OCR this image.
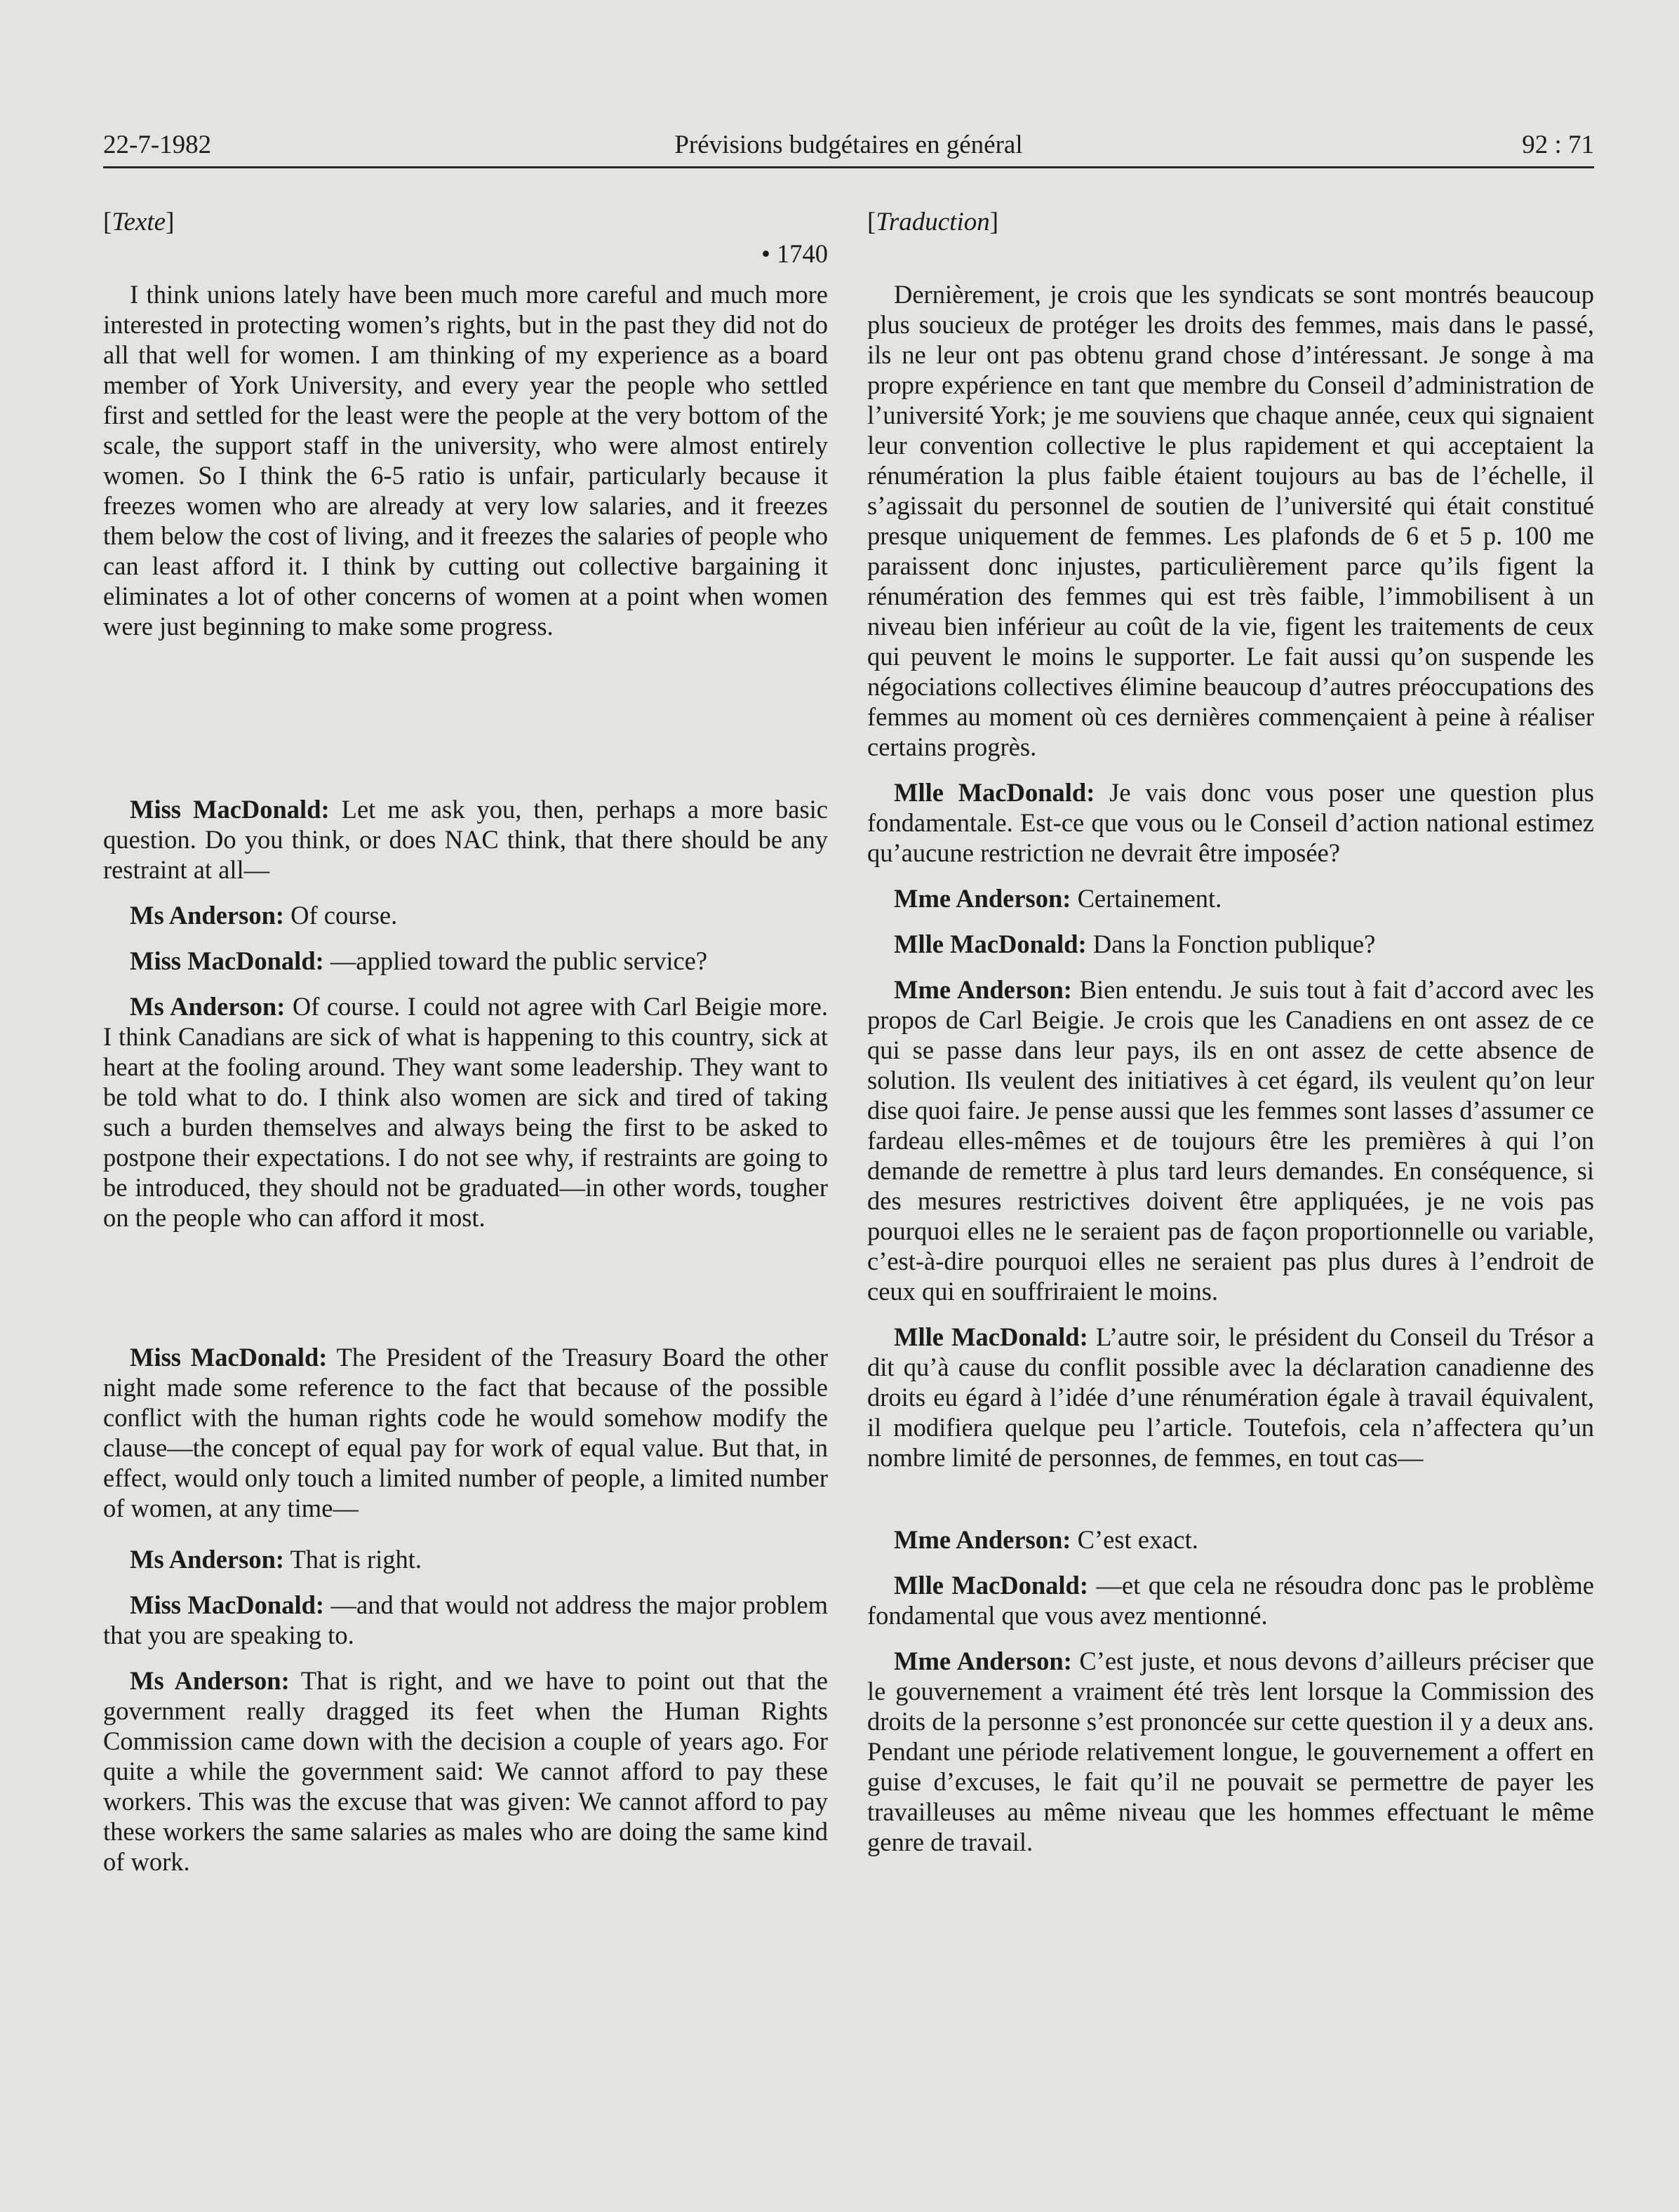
22-7-1982	Prévisions budgétaires en général	92 : 71
[Texte]

• 1740

I think unions lately have been much more careful and much more interested in protecting women’s rights, but in the past they did not do all that well for women. I am thinking of my experience as a board member of York University, and every year the people who settled first and settled for the least were the people at the very bottom of the scale, the support staff in the university, who were almost entirely women. So I think the 6-5 ratio is unfair, particularly because it freezes women who are already at very low salaries, and it freezes them below the cost of living, and it freezes the salaries of people who can least afford it. I think by cutting out collective bargaining it eliminates a lot of other concerns of women at a point when women were just beginning to make some progress.

Miss MacDonald: Let me ask you, then, perhaps a more basic question. Do you think, or does NAC think, that there should be any restraint at all—

Ms Anderson: Of course.

Miss MacDonald: —applied toward the public service?

Ms Anderson: Of course. I could not agree with Carl Beigie more. I think Canadians are sick of what is happening to this country, sick at heart at the fooling around. They want some leadership. They want to be told what to do. I think also women are sick and tired of taking such a burden themselves and always being the first to be asked to postpone their expectations. I do not see why, if restraints are going to be introduced, they should not be graduated—in other words, tougher on the people who can afford it most.

Miss MacDonald: The President of the Treasury Board the other night made some reference to the fact that because of the possible conflict with the human rights code he would somehow modify the clause—the concept of equal pay for work of equal value. But that, in effect, would only touch a limited number of people, a limited number of women, at any time—

Ms Anderson: That is right.

Miss MacDonald: —and that would not address the major problem that you are speaking to.

Ms Anderson: That is right, and we have to point out that the government really dragged its feet when the Human Rights Commission came down with the decision a couple of years ago. For quite a while the government said: We cannot afford to pay these workers. This was the excuse that was given: We cannot afford to pay these workers the same salaries as males who are doing the same kind of work.

[Traduction]

Dernièrement, je crois que les syndicats se sont montrés beaucoup plus soucieux de protéger les droits des femmes, mais dans le passé, ils ne leur ont pas obtenu grand chose d’intéressant. Je songe à ma propre expérience en tant que membre du Conseil d’administration de l’université York; je me souviens que chaque année, ceux qui signaient leur convention collective le plus rapidement et qui acceptaient la rénumération la plus faible étaient toujours au bas de l’échelle, il s’agissait du personnel de soutien de l’université qui était constitué presque uniquement de femmes. Les plafonds de 6 et 5 p. 100 me paraissent donc injustes, particulièrement parce qu’ils figent la rénumération des femmes qui est très faible, l’immobilisent à un niveau bien inférieur au coût de la vie, figent les traitements de ceux qui peuvent le moins le supporter. Le fait aussi qu’on suspende les négociations collectives élimine beaucoup d’autres préoccupations des femmes au moment où ces dernières commençaient à peine à réaliser certains progrès.

Mlle MacDonald: Je vais donc vous poser une question plus fondamentale. Est-ce que vous ou le Conseil d’action national estimez qu’aucune restriction ne devrait être imposée?

Mme Anderson: Certainement.

Mlle MacDonald: Dans la Fonction publique?

Mme Anderson: Bien entendu. Je suis tout à fait d’accord avec les propos de Carl Beigie. Je crois que les Canadiens en ont assez de ce qui se passe dans leur pays, ils en ont assez de cette absence de solution. Ils veulent des initiatives à cet égard, ils veulent qu’on leur dise quoi faire. Je pense aussi que les femmes sont lasses d’assumer ce fardeau elles-mêmes et de toujours être les premières à qui l’on demande de remettre à plus tard leurs demandes. En conséquence, si des mesures restrictives doivent être appliquées, je ne vois pas pourquoi elles ne le seraient pas de façon proportionnelle ou variable, c’est-à-dire pourquoi elles ne seraient pas plus dures à l’endroit de ceux qui en souffriraient le moins.

Mlle MacDonald: L’autre soir, le président du Conseil du Trésor a dit qu’à cause du conflit possible avec la déclaration canadienne des droits eu égard à l’idée d’une rénumération égale à travail équivalent, il modifiera quelque peu l’article. Toutefois, cela n’affectera qu’un nombre limité de personnes, de femmes, en tout cas—

Mme Anderson: C’est exact.

Mlle MacDonald: —et que cela ne résoudra donc pas le problème fondamental que vous avez mentionné.

Mme Anderson: C’est juste, et nous devons d’ailleurs préciser que le gouvernement a vraiment été très lent lorsque la Commission des droits de la personne s’est prononcée sur cette question il y a deux ans. Pendant une période relativement longue, le gouvernement a offert en guise d’excuses, le fait qu’il ne pouvait se permettre de payer les travailleuses au même niveau que les hommes effectuant le même genre de travail.
